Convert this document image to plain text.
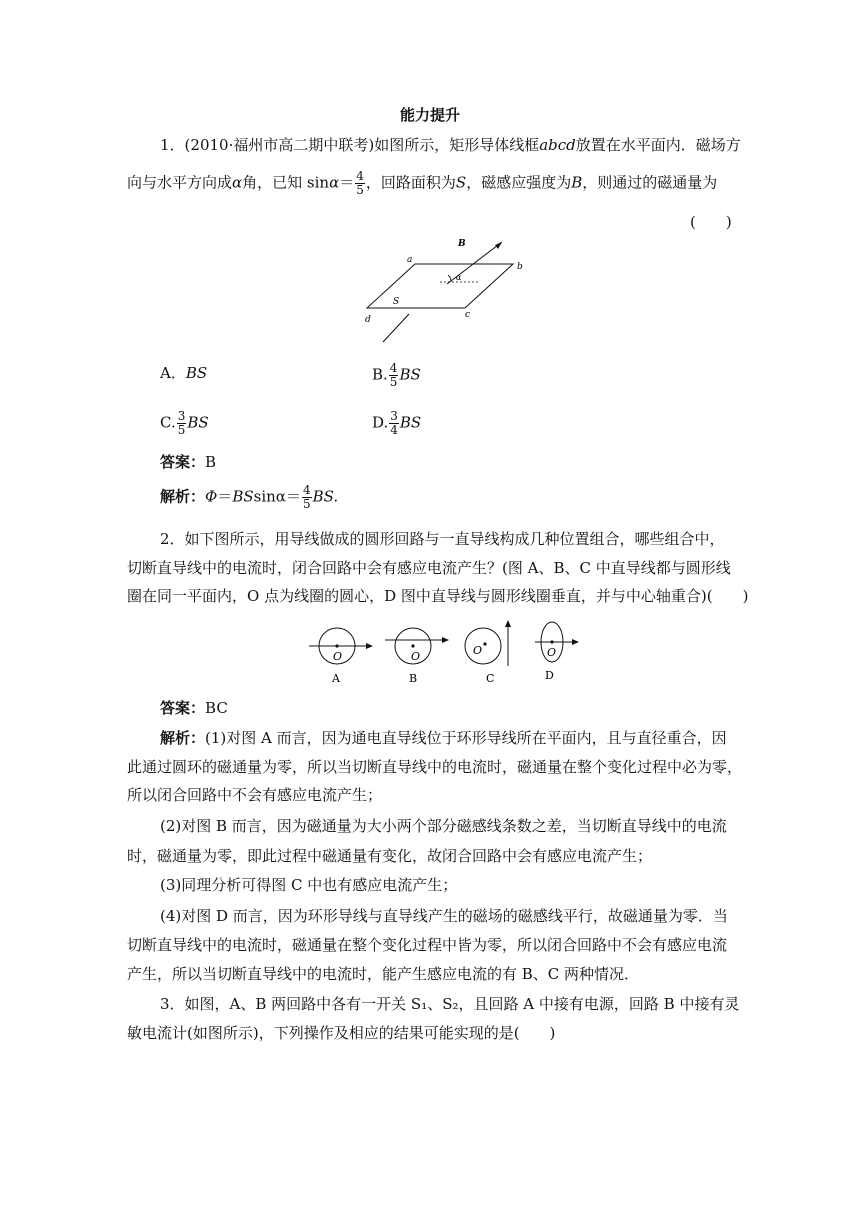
能力提升
1．(2010·福州市高二期中联考)如图所示，矩形导体线框abcd放置在水平面内．磁场方
向与水平方向成α角，已知 $\sin\alpha= \frac{4}{5}$ ，回路面积为S，磁感应强度为B，则通过的磁通量为
(　　)
α
B
a
b
c
d
S
A．BS	B. $\frac{4}{5}$ BS
C. $\frac{3}{5}$ BS	D. $\frac{3}{4}$ BS
答案：B
解析：$\Phi=BSsin\alpha= \frac{4}{5}$ BS.
2．如下图所示，用导线做成的圆形回路与一直导线构成几种位置组合，哪些组合中，
切断直导线中的电流时，闭合回路中会有感应电流产生？(图 A、B、C 中直导线都与圆形线
圈在同一平面内，O 点为线圈的圆心，D 图中直导线与圆形线圈垂直，并与中心轴重合)(　　)
O
A
O
B
O
C
O
D
答案：BC
解析：(1)对图 A 而言，因为通电直导线位于环形导线所在平面内，且与直径重合，因
此通过圆环的磁通量为零，所以当切断直导线中的电流时，磁通量在整个变化过程中必为零，
所以闭合回路中不会有感应电流产生；
(2)对图 B 而言，因为磁通量为大小两个部分磁感线条数之差，当切断直导线中的电流
时，磁通量为零，即此过程中磁通量有变化，故闭合回路中会有感应电流产生；
(3)同理分析可得图 C 中也有感应电流产生；
(4)对图 D 而言，因为环形导线与直导线产生的磁场的磁感线平行，故磁通量为零．当
切断直导线中的电流时，磁通量在整个变化过程中皆为零，所以闭合回路中不会有感应电流
产生，所以当切断直导线中的电流时，能产生感应电流的有 B、C 两种情况．
3．如图，A、B 两回路中各有一开关 S₁、S₂，且回路 A 中接有电源，回路 B 中接有灵
敏电流计(如图所示)，下列操作及相应的结果可能实现的是(　　)
